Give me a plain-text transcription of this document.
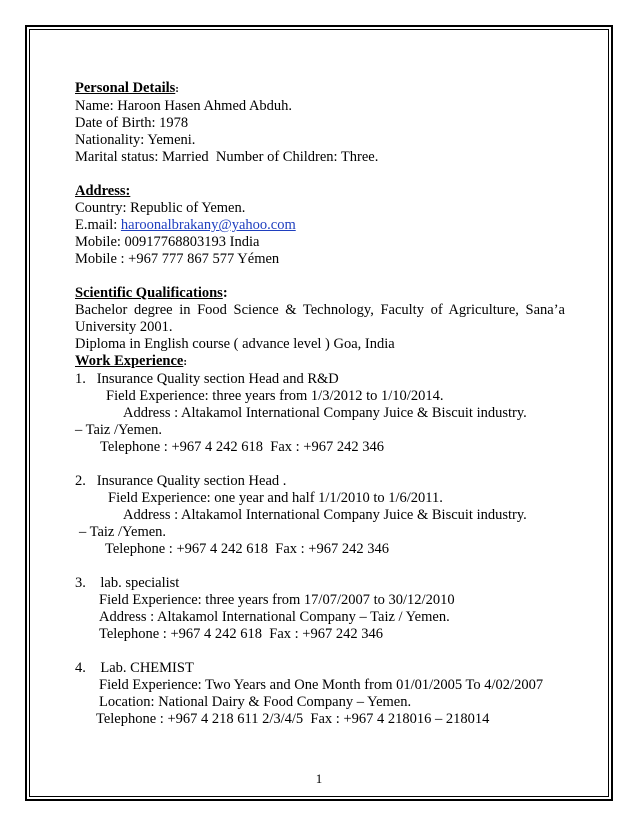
Personal Details:
Name: Haroon Hasen Ahmed Abduh.
Date of Birth: 1978
Nationality: Yemeni.
Marital status: Married  Number of Children: Three.
Address:
Country: Republic of Yemen.
E.mail: haroonalbrakany@yahoo.com
Mobile: 00917768803193 India
Mobile : +967 777 867 577 Yémen
Scientific Qualifications:
Bachelor degree in Food Science & Technology, Faculty of Agriculture, Sana’a University 2001.
Diploma in English course ( advance level ) Goa, India
Work Experience:
1.   Insurance Quality section Head and R&D
Field Experience: three years from 1/3/2012 to 1/10/2014.
Address : Altakamol International Company Juice & Biscuit industry.
– Taiz /Yemen.
Telephone : +967 4 242 618  Fax : +967 242 346
2.   Insurance Quality section Head .
Field Experience: one year and half 1/1/2010 to 1/6/2011.
Address : Altakamol International Company Juice & Biscuit industry.
– Taiz /Yemen.
Telephone : +967 4 242 618  Fax : +967 242 346
3.    lab. specialist
Field Experience: three years from 17/07/2007 to 30/12/2010
Address : Altakamol International Company – Taiz / Yemen.
Telephone : +967 4 242 618  Fax : +967 242 346
4.    Lab. CHEMIST
Field Experience: Two Years and One Month from 01/01/2005 To 4/02/2007
Location: National Dairy & Food Company – Yemen.
Telephone : +967 4 218 611 2/3/4/5  Fax : +967 4 218016 – 218014
1
